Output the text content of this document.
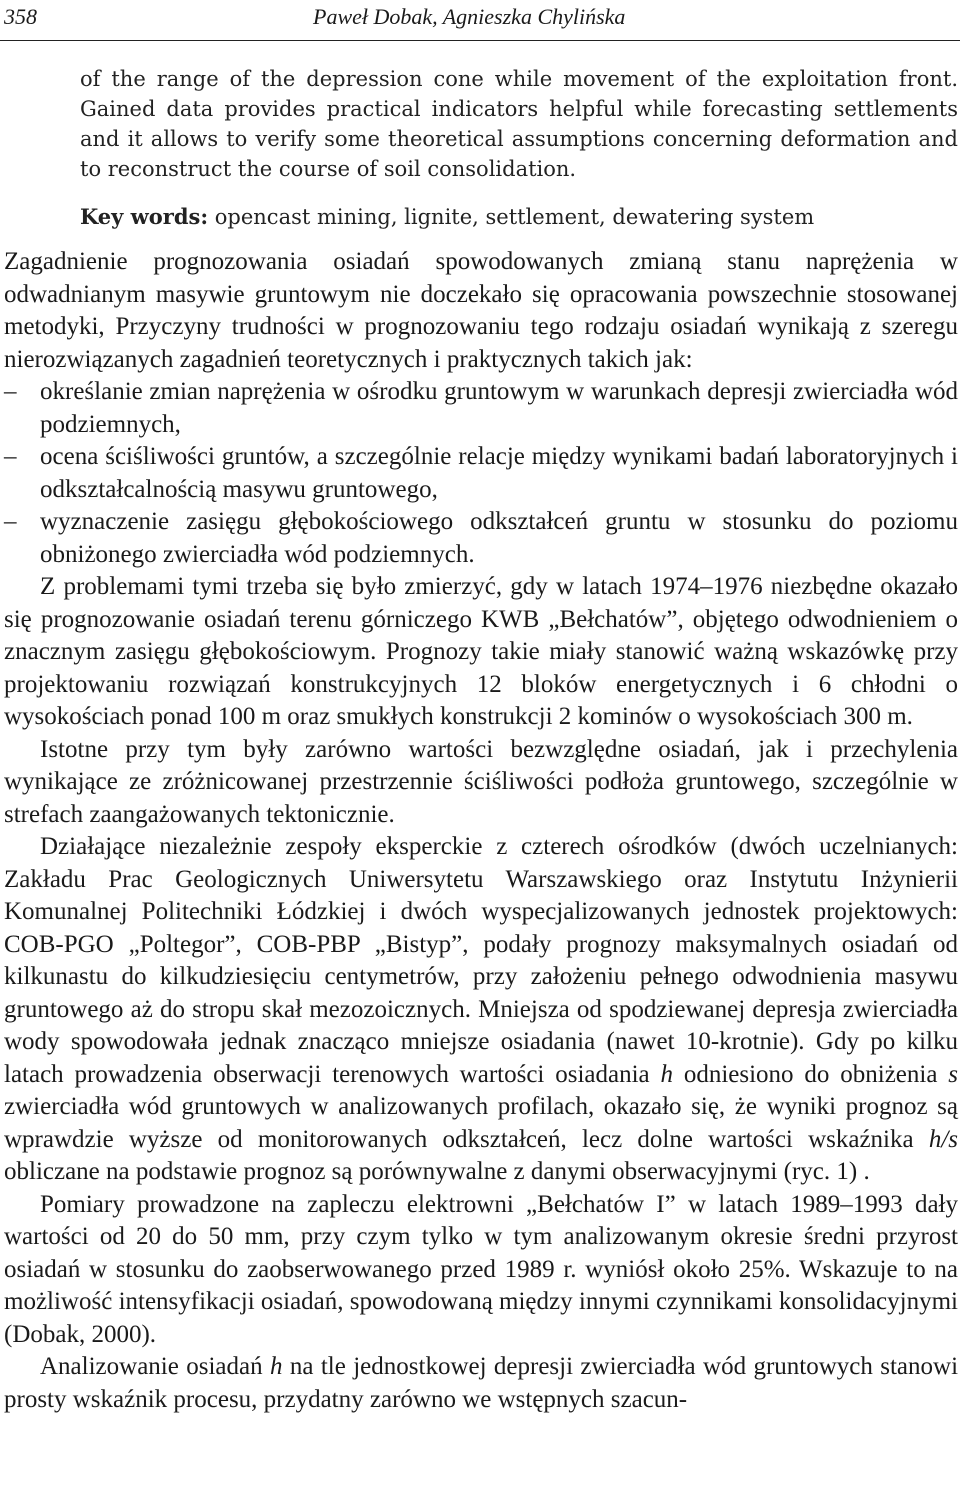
358	Paweł Dobak, Agnieszka Chylińska

of the range of the depression cone while movement of the exploitation front. Gained data provides practical indicators helpful while forecasting settlements and it allows to verify some theoretical assumptions concerning deformation and to reconstruct the course of soil consolidation.

Key words: opencast mining, lignite, settlement, dewatering system

Zagadnienie prognozowania osiadań spowodowanych zmianą stanu naprężenia w odwadnianym masywie gruntowym nie doczekało się opracowania powszechnie stosowanej metodyki, Przyczyny trudności w prognozowaniu tego rodzaju osiadań wynikają z szeregu nierozwiązanych zagadnień teoretycznych i praktycznych takich jak:

– określanie zmian naprężenia w ośrodku gruntowym w warunkach depresji zwierciadła wód podziemnych,
– ocena ściśliwości gruntów, a szczególnie relacje między wynikami badań laboratoryjnych i odkształcalnością masywu gruntowego,
– wyznaczenie zasięgu głębokościowego odkształceń gruntu w stosunku do poziomu obniżonego zwierciadła wód podziemnych.

Z problemami tymi trzeba się było zmierzyć, gdy w latach 1974–1976 niezbędne okazało się prognozowanie osiadań terenu górniczego KWB „Bełchatów”, objętego odwodnieniem o znacznym zasięgu głębokościowym. Prognozy takie miały stanowić ważną wskazówkę przy projektowaniu rozwiązań konstrukcyjnych 12 bloków energetycznych i 6 chłodni o wysokościach ponad 100 m oraz smukłych konstrukcji 2 kominów o wysokościach 300 m.

Istotne przy tym były zarówno wartości bezwzględne osiadań, jak i przechylenia wynikające ze zróżnicowanej przestrzennie ściśliwości podłoża gruntowego, szczególnie w strefach zaangażowanych tektonicznie.

Działające niezależnie zespoły eksperckie z czterech ośrodków (dwóch uczelnianych: Zakładu Prac Geologicznych Uniwersytetu Warszawskiego oraz Instytutu Inżynierii Komunalnej Politechniki Łódzkiej i dwóch wyspecjalizowanych jednostek projektowych: COB-PGO „Poltegor”, COB-PBP „Bistyp”, podały prognozy maksymalnych osiadań od kilkunastu do kilkudziesięciu centymetrów, przy założeniu pełnego odwodnienia masywu gruntowego aż do stropu skał mezozoicznych. Mniejsza od spodziewanej depresja zwierciadła wody spowodowała jednak znacząco mniejsze osiadania (nawet 10-krotnie). Gdy po kilku latach prowadzenia obserwacji terenowych wartości osiadania h odniesiono do obniżenia s zwierciadła wód gruntowych w analizowanych profilach, okazało się, że wyniki prognoz są wprawdzie wyższe od monitorowanych odkształceń, lecz dolne wartości wskaźnika h/s obliczane na podstawie prognoz są porównywalne z danymi obserwacyjnymi (ryc. 1) .

Pomiary prowadzone na zapleczu elektrowni „Bełchatów I” w latach 1989–1993 dały wartości od 20 do 50 mm, przy czym tylko w tym analizowanym okresie średni przyrost osiadań w stosunku do zaobserwowanego przed 1989 r. wyniósł około 25%. Wskazuje to na możliwość intensyfikacji osiadań, spowodowaną między innymi czynnikami konsolidacyjnymi (Dobak, 2000).

Analizowanie osiadań h na tle jednostkowej depresji zwierciadła wód gruntowych stanowi prosty wskaźnik procesu, przydatny zarówno we wstępnych szacun-
